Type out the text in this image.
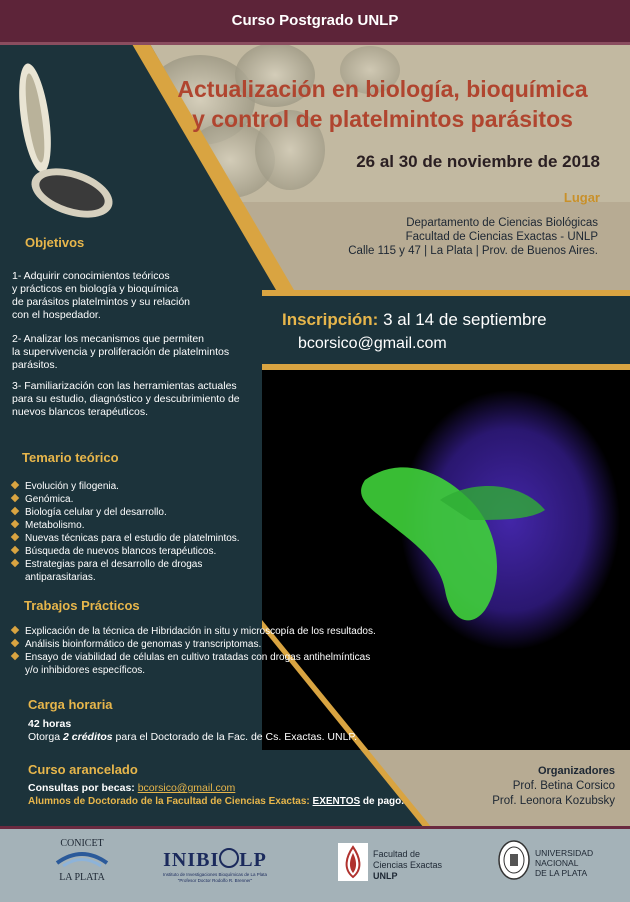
Curso Postgrado UNLP
Actualización en biología, bioquímica
y control de platelmintos parásitos
26 al 30 de noviembre de 2018
Lugar
Departamento de Ciencias Biológicas
Facultad de Ciencias Exactas - UNLP
Calle 115 y 47 | La Plata | Prov. de Buenos Aires.
Inscripción: 3 al 14 de septiembre
bcorsico@gmail.com
Objetivos
1- Adquirir conocimientos teóricos
y prácticos en biología y bioquímica
de parásitos platelmintos y su relación
con el hospedador.
2- Analizar los mecanismos que permiten
la supervivencia y proliferación de platelmintos
parásitos.
3- Familiarización con las herramientas actuales
para su estudio, diagnóstico y descubrimiento de
nuevos blancos terapéuticos.
Temario teórico
Evolución y filogenia.
Genómica.
Biología celular y del desarrollo.
Metabolismo.
Nuevas técnicas para el estudio de platelmintos.
Búsqueda de nuevos blancos terapéuticos.
Estrategias para el desarrollo de drogas antiparasitarias.
Trabajos Prácticos
Explicación de la técnica de Hibridación in situ y microscopía de los resultados.
Análisis bioinformático de genomas y transcriptomas.
Ensayo de viabilidad de células en cultivo tratadas con drogas antihelmínticas
y/o inhibidores específicos.
Carga horaria
42 horas
Otorga 2 créditos para el Doctorado de la Fac. de Cs. Exactas. UNLP.
Curso arancelado
Consultas por becas: bcorsico@gmail.com
Alumnos de Doctorado de la Facultad de Ciencias Exactas: EXENTOS de pago.
Organizadores
Prof. Betina Corsico
Prof. Leonora Kozubsky
CONICET
LA PLATA
INIBI LP
Instituto de Investigaciones Bioquímicas de La Plata
"Profesor Doctor Rodolfo R. Brenner"
Facultad de
Ciencias Exactas
UNLP
UNIVERSIDAD
NACIONAL
DE LA PLATA
